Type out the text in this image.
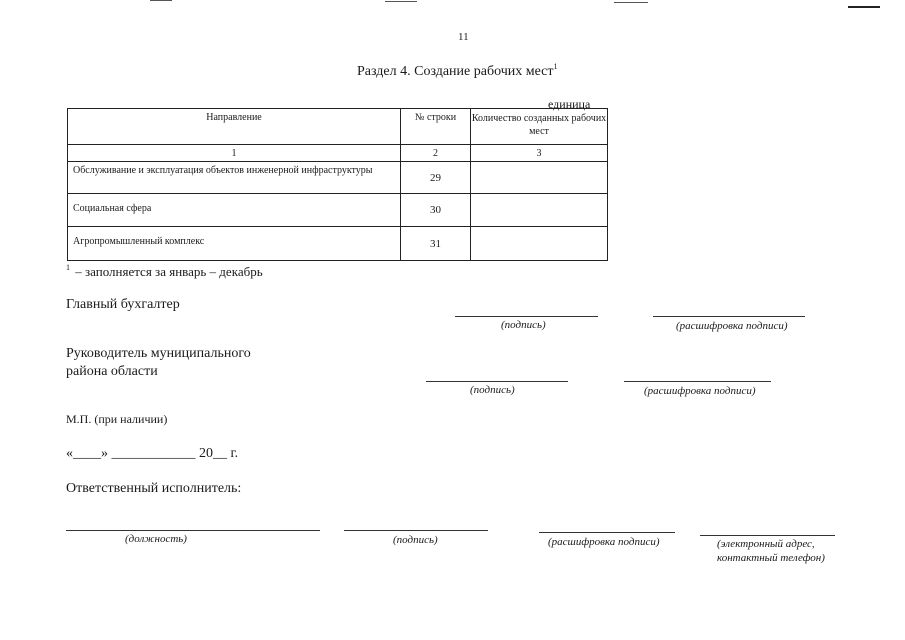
11
Раздел 4. Создание рабочих мест$^1$
единица
Направление	№ строки	Количество созданных рабочих мест
1	2	3
Обслуживание и эксплуатация объектов инженерной инфраструктуры	29	
Социальная сфера	30	
Агропромышленный комплекс	31	
$^1$ – заполняется за январь – декабрь
Главный бухгалтер
(подпись)	(расшифровка подписи)
Руководитель муниципального
района области
(подпись)	(расшифровка подписи)
М.П. (при наличии)
«____» ____________ 20__ г.
Ответственный исполнитель:
(должность)	(подпись)	(расшифровка подписи)	(электронный адрес,
контактный телефон)
